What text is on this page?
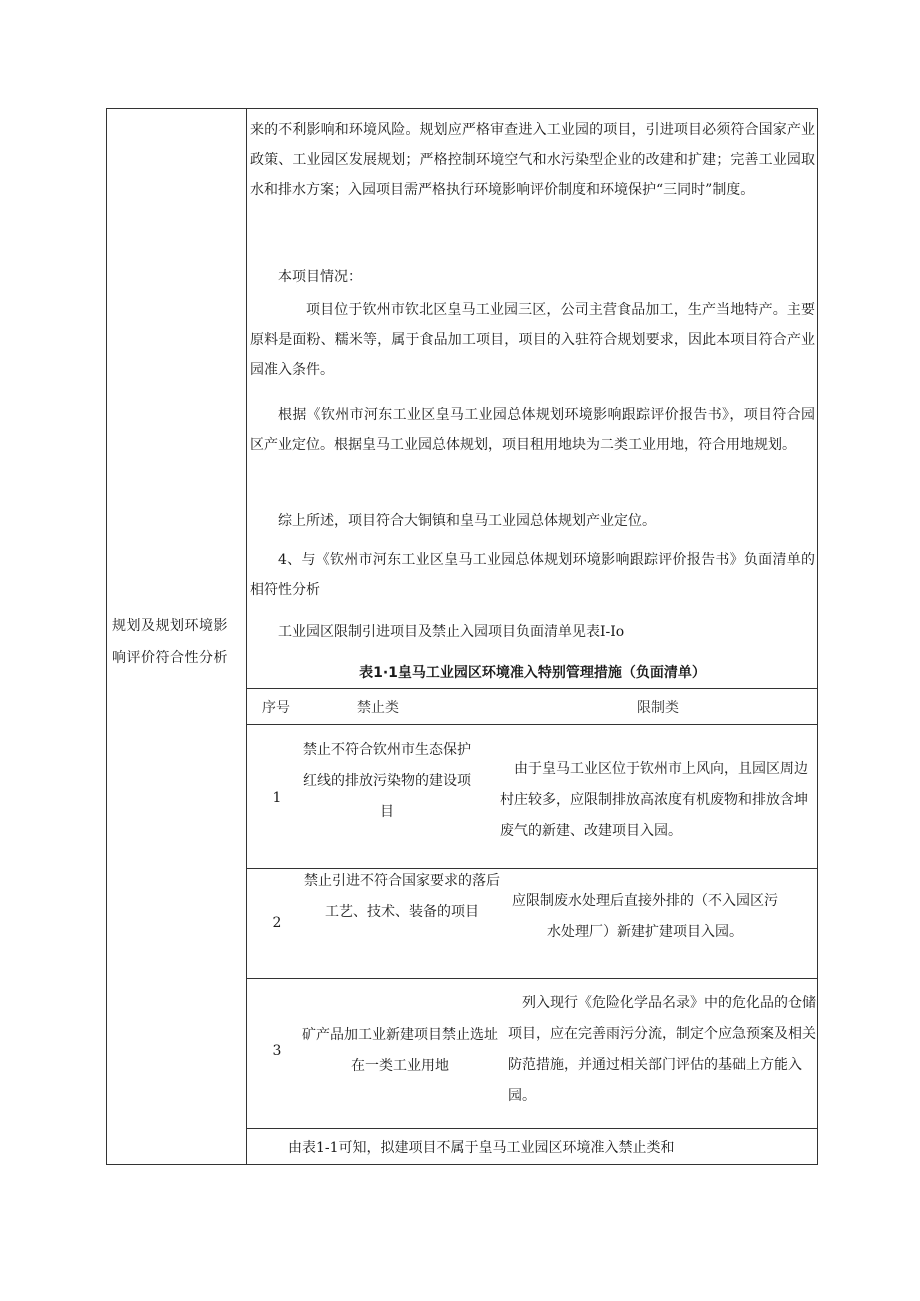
规划及规划环境影响评价符合性分析

来的不利影响和环境风险。规划应严格审查进入工业园的项目，引进项目必须符合国家产业政策、工业园区发展规划；严格控制环境空气和水污染型企业的改建和扩建；完善工业园取水和排水方案；入园项目需严格执行环境影响评价制度和环境保护“三同时”制度。

本项目情况：

项目位于钦州市钦北区皇马工业园三区，公司主营食品加工，生产当地特产。主要原料是面粉、糯米等，属于食品加工项目，项目的入驻符合规划要求，因此本项目符合产业园准入条件。

根据《钦州市河东工业区皇马工业园总体规划环境影响跟踪评价报告书》，项目符合园区产业定位。根据皇马工业园总体规划，项目租用地块为二类工业用地，符合用地规划。

综上所述，项目符合大铜镇和皇马工业园总体规划产业定位。

4、与《钦州市河东工业区皇马工业园总体规划环境影响跟踪评价报告书》负面清单的相符性分析

工业园区限制引进项目及禁止入园项目负面清单见表I-Io

表1·1皇马工业园区环境准入特别管理措施（负面清单）
序号	禁止类	限制类
1
禁止不符合钦州市生态保护红线的排放污染物的建设项目
由于皇马工业区位于钦州市上风向，且园区周边村庄较多，应限制排放高浓度有机废物和排放含坤废气的新建、改建项目入园。
2
禁止引进不符合国家要求的落后工艺、技术、装备的项目
应限制废水处理后直接外排的（不入园区污水处理厂）新建扩建项目入园。
3
矿产品加工业新建项目禁止选址在一类工业用地
列入现行《危险化学品名录》中的危化品的仓储项目，应在完善雨污分流，制定个应急预案及相关防范措施，并通过相关部门评估的基础上方能入园。

由表1-1可知，拟建项目不属于皇马工业园区环境准入禁止类和
